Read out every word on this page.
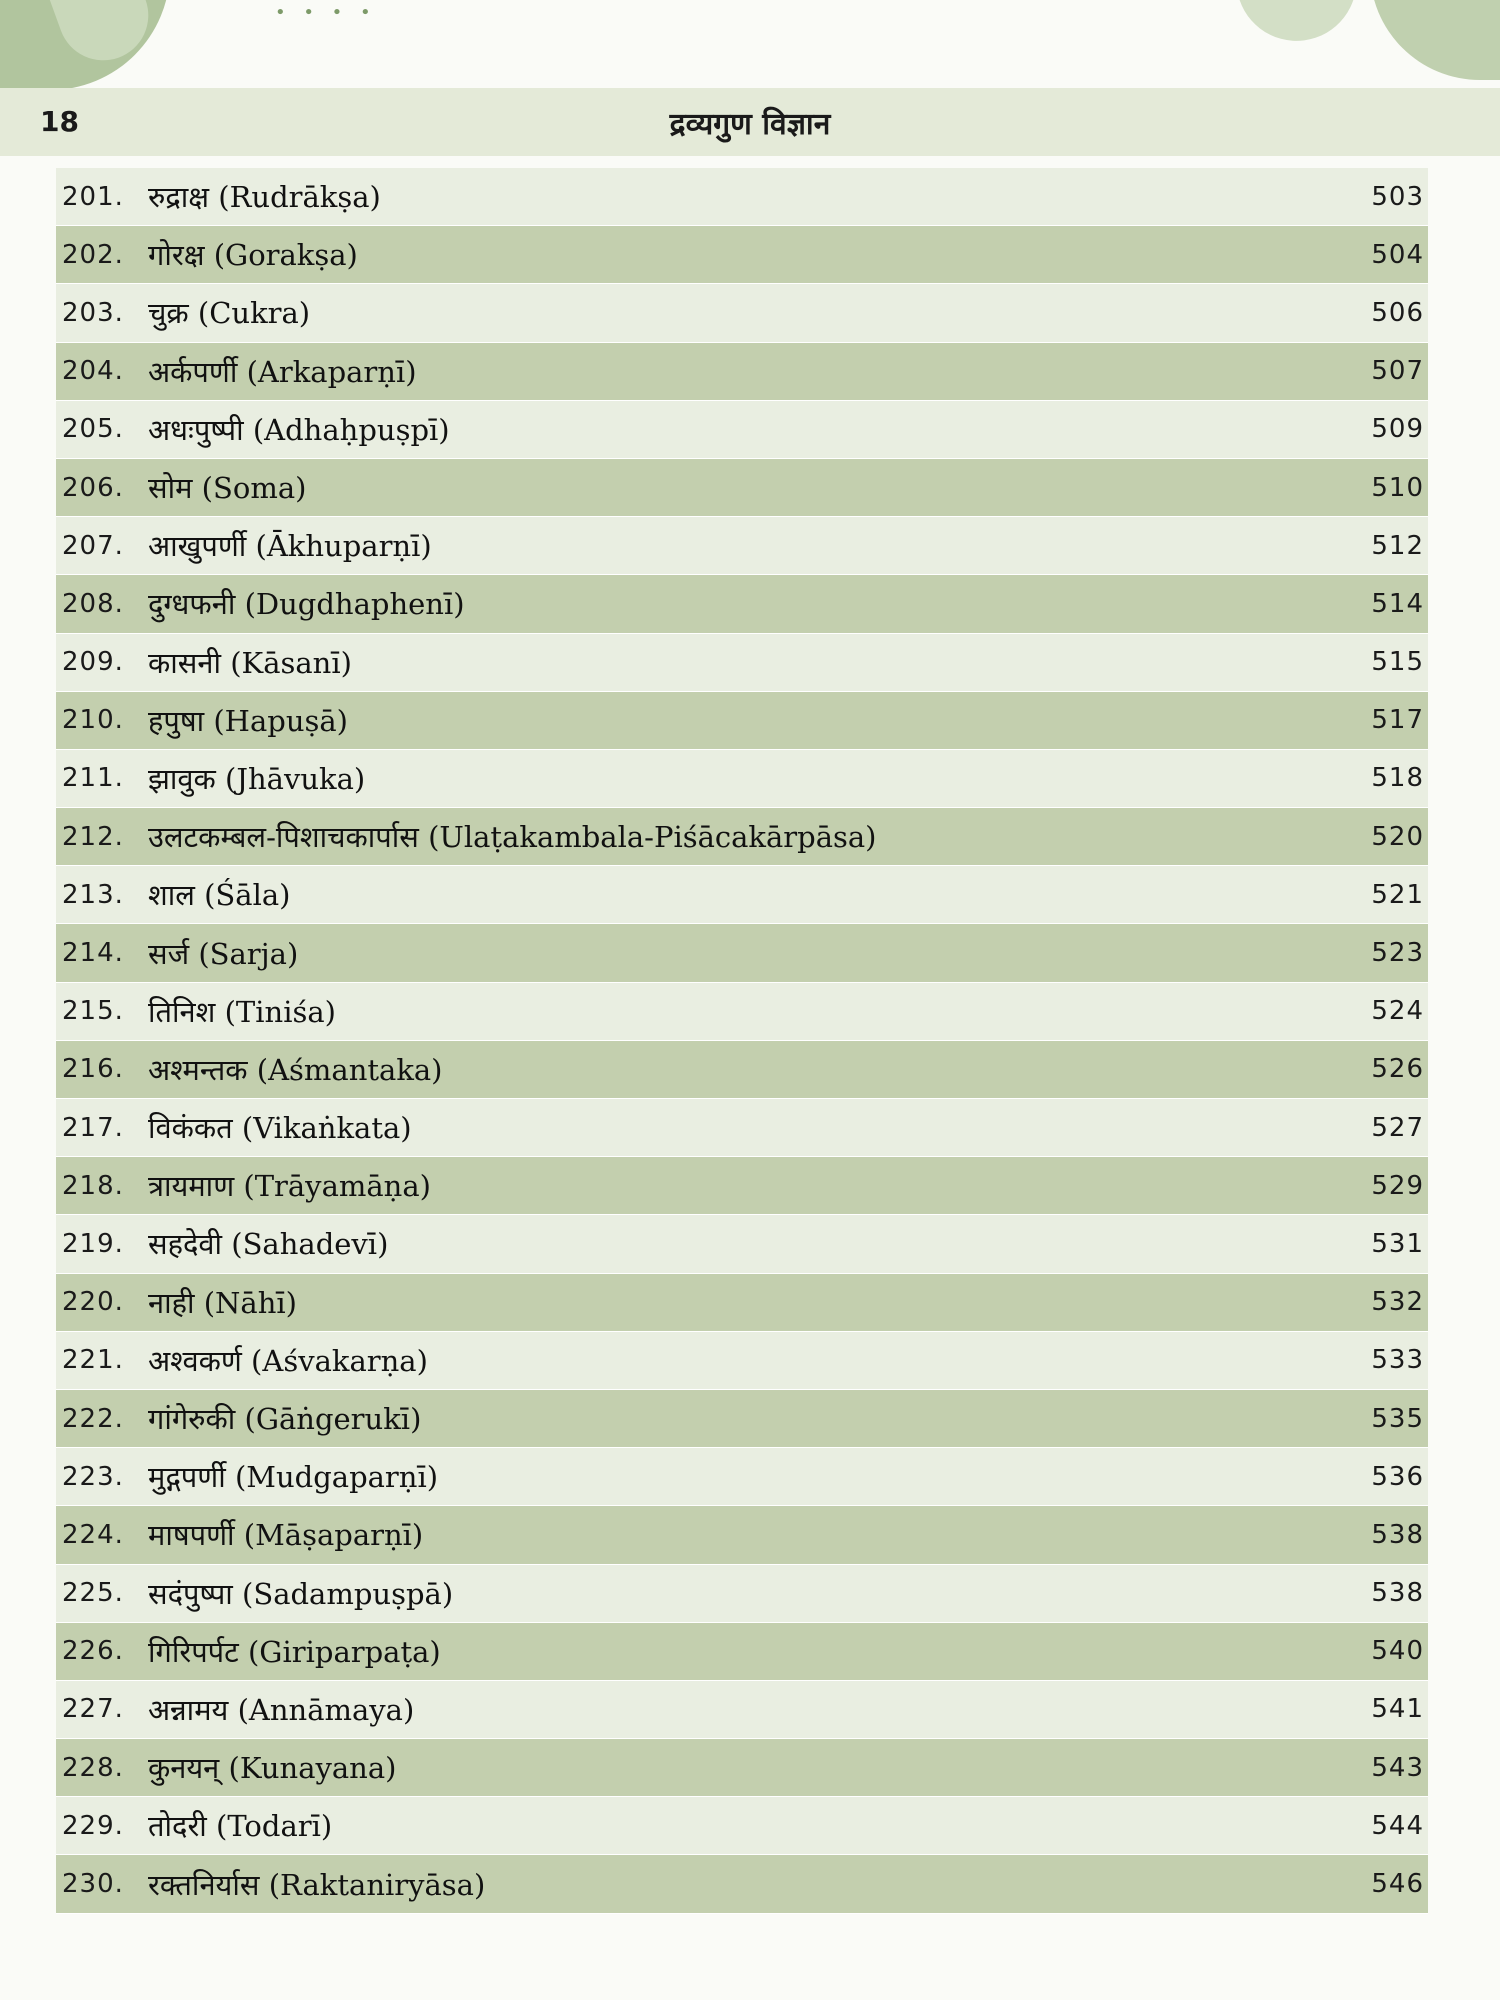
• • • •
18	द्रव्यगुण विज्ञान
201. रुद्राक्ष (Rudrākṣa)	503
202. गोरक्ष (Gorakṣa)	504
203. चुक्र (Cukra)	506
204. अर्कपर्णी (Arkaparṇī)	507
205. अधःपुष्पी (Adhaḥpuṣpī)	509
206. सोम (Soma)	510
207. आखुपर्णी (Ākhuparṇī)	512
208. दुग्धफनी (Dugdhaphenī)	514
209. कासनी (Kāsanī)	515
210. हपुषा (Hapuṣā)	517
211. झावुक (Jhāvuka)	518
212. उलटकम्बल-पिशाचकार्पास (Ulaṭakambala-Piśācakārpāsa)	520
213. शाल (Śāla)	521
214. सर्ज (Sarja)	523
215. तिनिश (Tiniśa)	524
216. अश्मन्तक (Aśmantaka)	526
217. विकंकत (Vikaṅkata)	527
218. त्रायमाण (Trāyamāṇa)	529
219. सहदेवी (Sahadevī)	531
220. नाही (Nāhī)	532
221. अश्वकर्ण (Aśvakarṇa)	533
222. गांगेरुकी (Gāṅgerukī)	535
223. मुद्गपर्णी (Mudgaparṇī)	536
224. माषपर्णी (Māṣaparṇī)	538
225. सदंपुष्पा (Sadampuṣpā)	538
226. गिरिपर्पट (Giriparpaṭa)	540
227. अन्नामय (Annāmaya)	541
228. कुनयन् (Kunayana)	543
229. तोदरी (Todarī)	544
230. रक्तनिर्यास (Raktaniryāsa)	546
